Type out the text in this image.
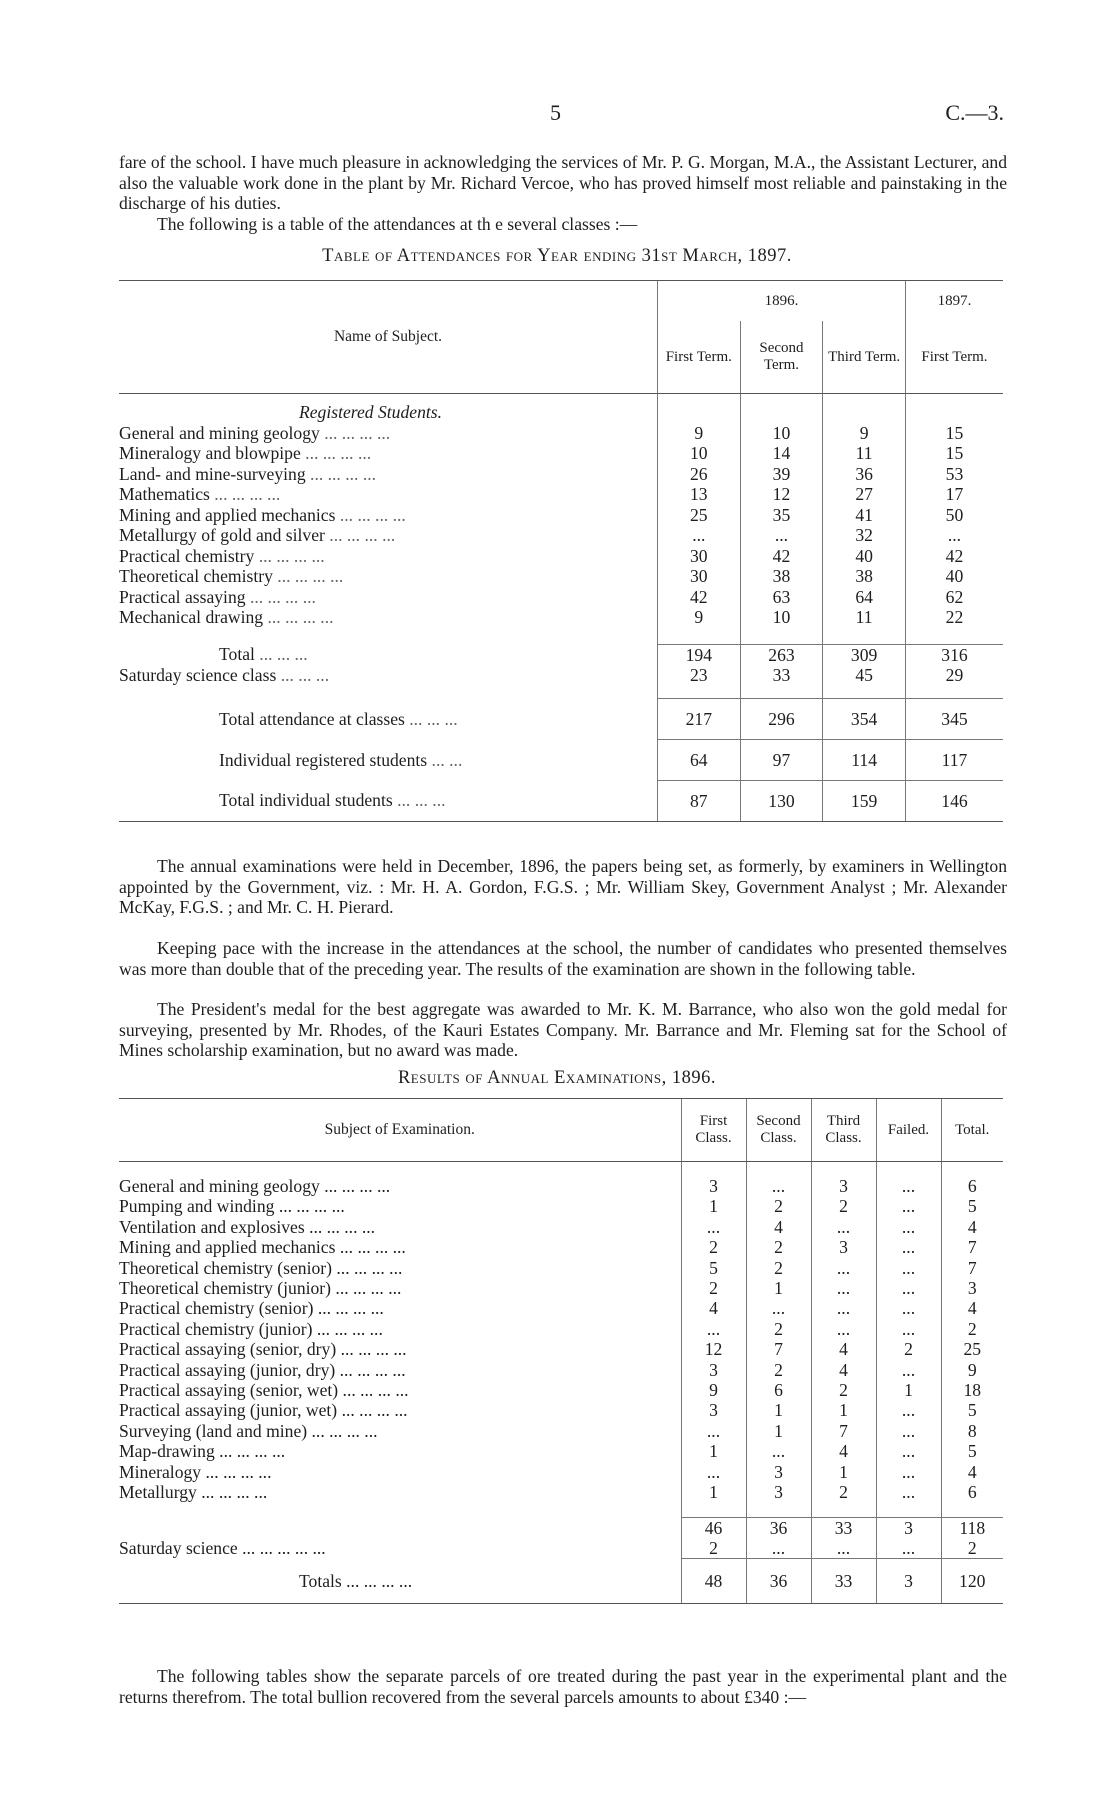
5	C.—3.

fare of the school. I have much pleasure in acknowledging the services of Mr. P. G. Morgan, M.A., the Assistant Lecturer, and also the valuable work done in the plant by Mr. Richard Vercoe, who has proved himself most reliable and painstaking in the discharge of his duties.

The following is a table of the attendances at th e several classes :—

Table of Attendances for Year ending 31st March, 1897.
Name of Subject.	1896.			1897.
	First Term.	Second Term.	Third Term.	First Term.
Registered Students.				
General and mining geology ... ... ... ...	9	10	9	15
Mineralogy and blowpipe ... ... ... ...	10	14	11	15
Land- and mine-surveying ... ... ... ...	26	39	36	53
Mathematics ... ... ... ...	13	12	27	17
Mining and applied mechanics ... ... ... ...	25	35	41	50
Metallurgy of gold and silver ... ... ... ...	...	...	32	...
Practical chemistry ... ... ... ...	30	42	40	42
Theoretical chemistry ... ... ... ...	30	38	38	40
Practical assaying ... ... ... ...	42	63	64	62
Mechanical drawing ... ... ... ...	9	10	11	22

Total ... ... ...	194	263	309	316
Saturday science class ... ... ...	23	33	45	29

Total attendance at classes ... ... ...	217	296	354	345
Individual registered students ... ...	64	97	114	117
Total individual students ... ... ...	87	130	159	146

The annual examinations were held in December, 1896, the papers being set, as formerly, by examiners in Wellington appointed by the Government, viz. : Mr. H. A. Gordon, F.G.S. ; Mr. William Skey, Government Analyst ; Mr. Alexander McKay, F.G.S. ; and Mr. C. H. Pierard.

Keeping pace with the increase in the attendances at the school, the number of candidates who presented themselves was more than double that of the preceding year. The results of the examination are shown in the following table.

The President's medal for the best aggregate was awarded to Mr. K. M. Barrance, who also won the gold medal for surveying, presented by Mr. Rhodes, of the Kauri Estates Company. Mr. Barrance and Mr. Fleming sat for the School of Mines scholarship examination, but no award was made.

Results of Annual Examinations, 1896.
Subject of Examination.	First Class.	Second Class.	Third Class.	Failed.	Total.

General and mining geology ... ... ... ...	3	...	3	...	6
Pumping and winding ... ... ... ...	1	2	2	...	5
Ventilation and explosives ... ... ... ...	...	4	...	...	4
Mining and applied mechanics ... ... ... ...	2	2	3	...	7
Theoretical chemistry (senior) ... ... ... ...	5	2	...	...	7
Theoretical chemistry (junior) ... ... ... ...	2	1	...	...	3
Practical chemistry (senior) ... ... ... ...	4	...	...	...	4
Practical chemistry (junior) ... ... ... ...	...	2	...	...	2
Practical assaying (senior, dry) ... ... ... ...	12	7	4	2	25
Practical assaying (junior, dry) ... ... ... ...	3	2	4	...	9
Practical assaying (senior, wet) ... ... ... ...	9	6	2	1	18
Practical assaying (junior, wet) ... ... ... ...	3	1	1	...	5
Surveying (land and mine) ... ... ... ...	...	1	7	...	8
Map-drawing ... ... ... ...	1	...	4	...	5
Mineralogy ... ... ... ...	...	3	1	...	4
Metallurgy ... ... ... ...	1	3	2	...	6

	46	36	33	3	118
Saturday science ... ... ... ... ...	2	...	...	...	2
Totals ... ... ... ...	48	36	33	3	120

The following tables show the separate parcels of ore treated during the past year in the experimental plant and the returns therefrom. The total bullion recovered from the several parcels amounts to about £340 :—
